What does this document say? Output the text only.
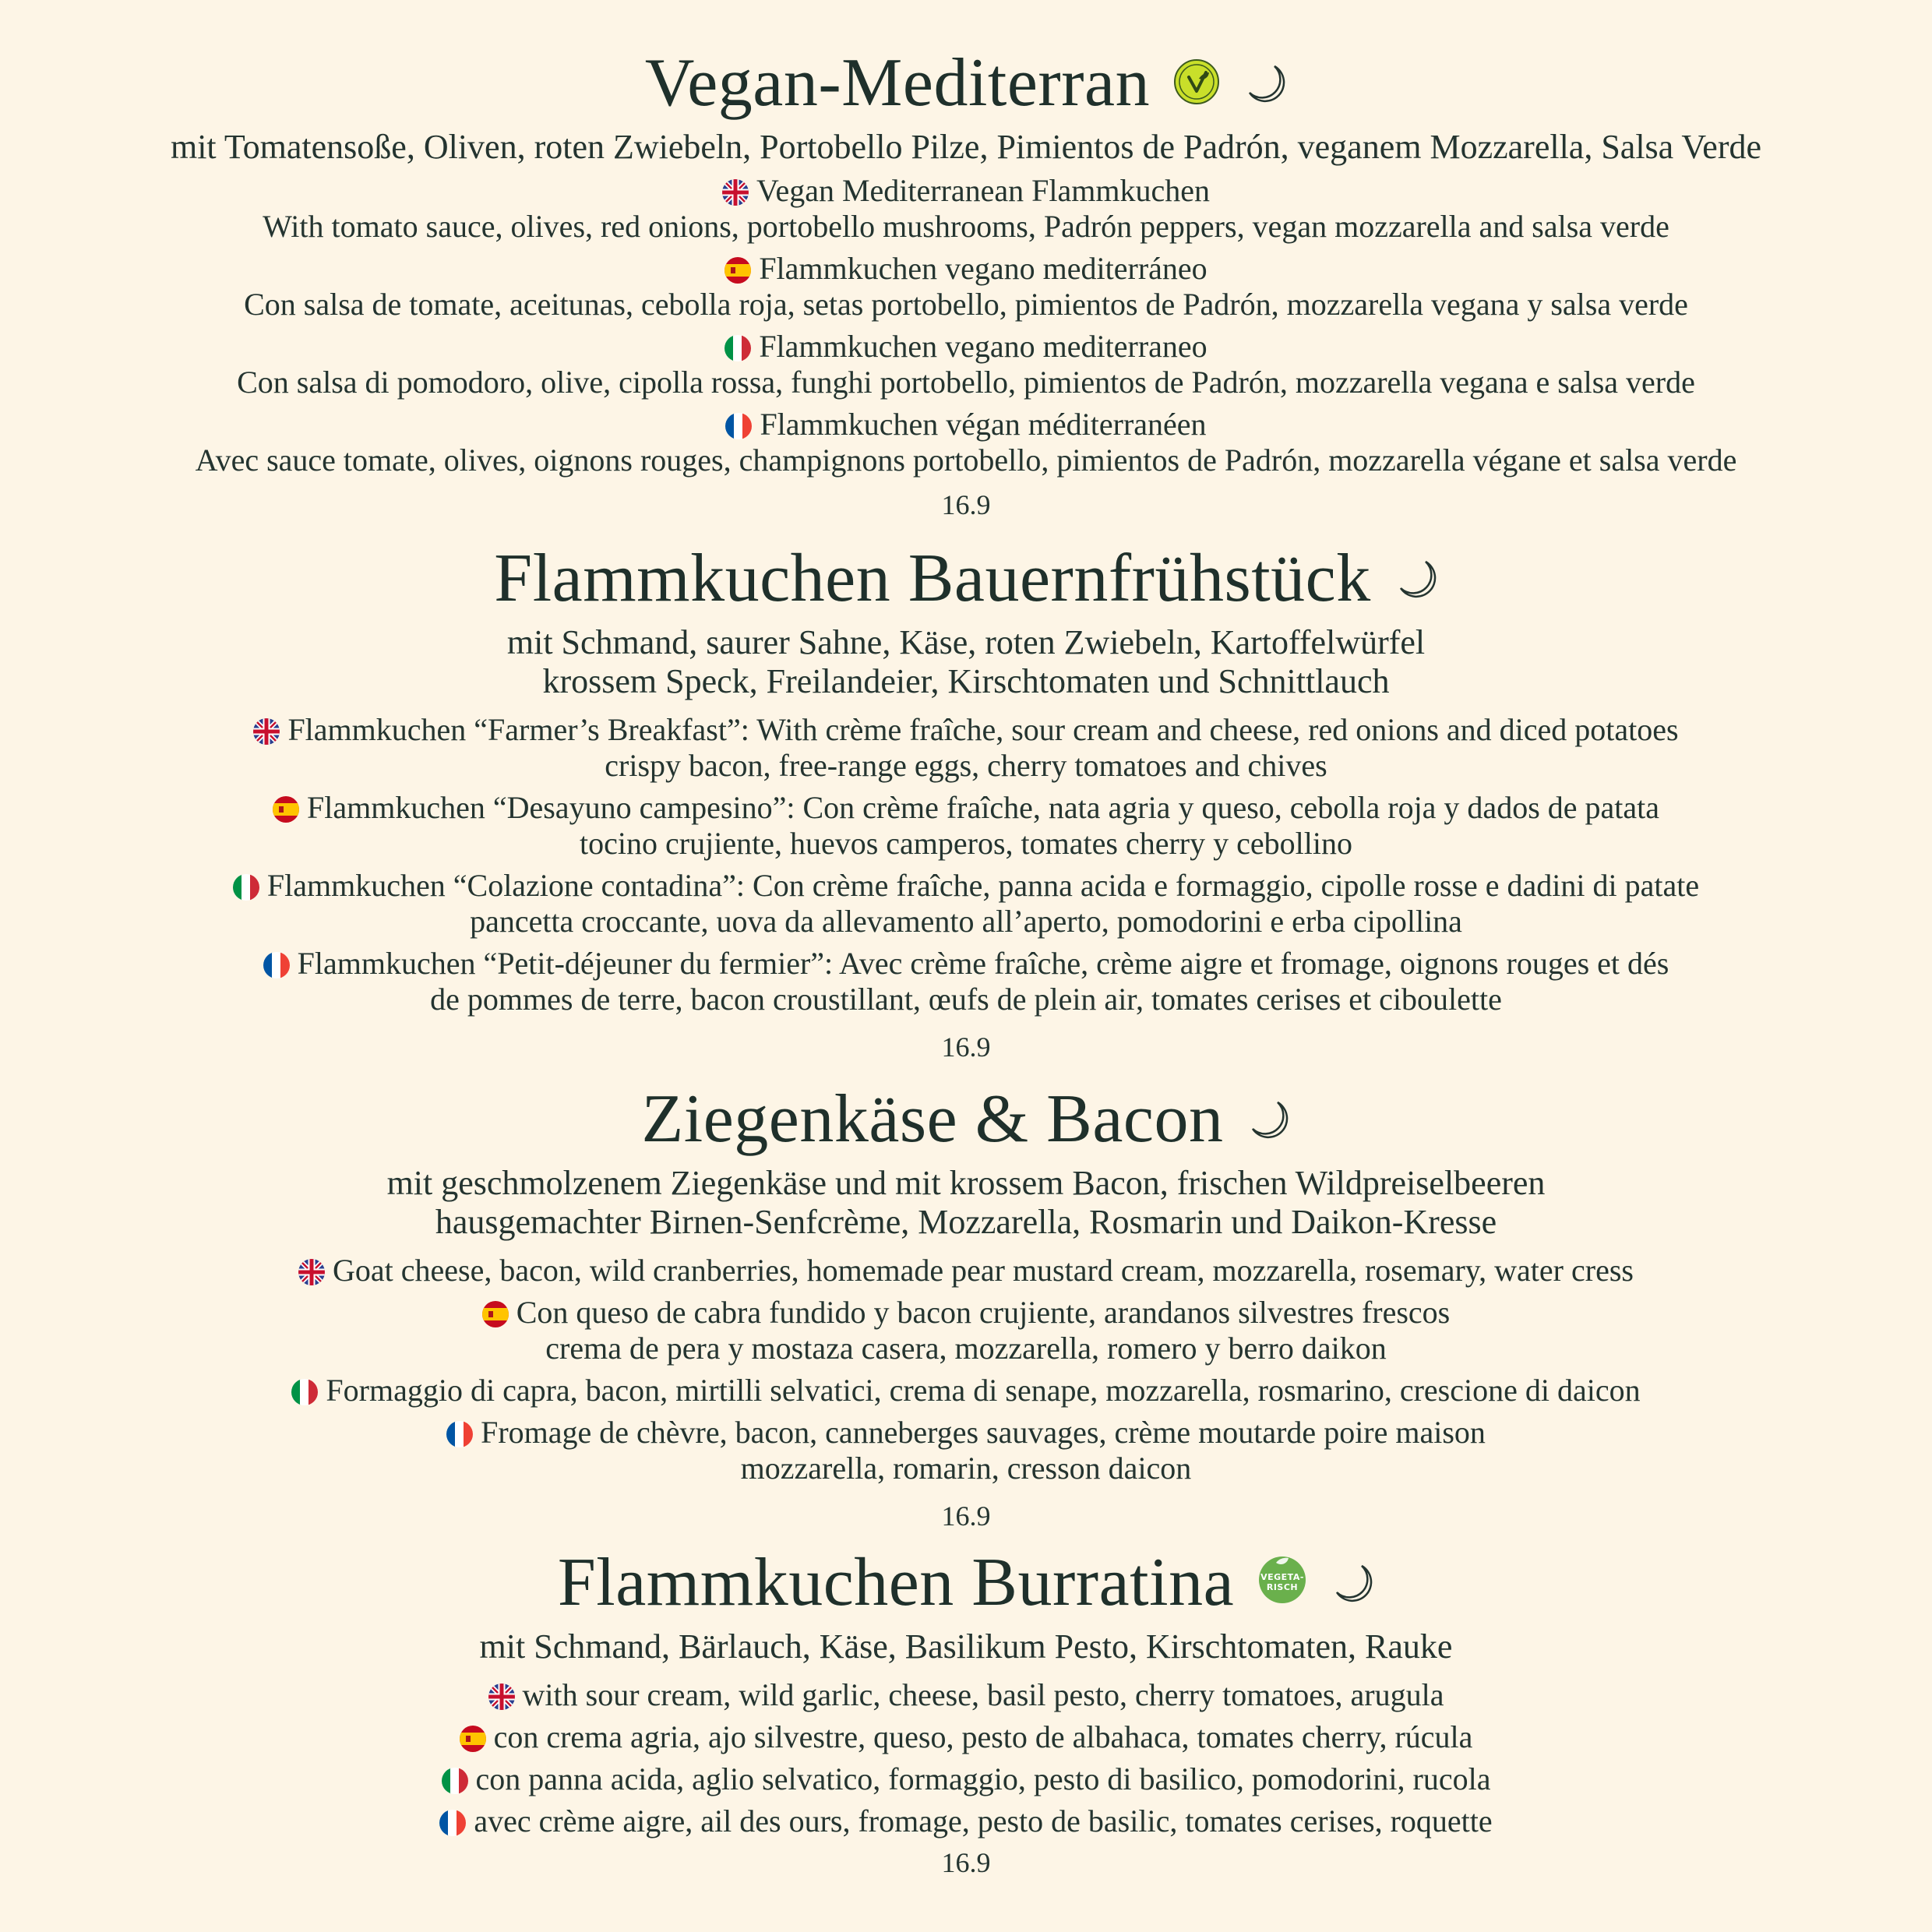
Vegan-Mediterran
mit Tomatensoße, Oliven, roten Zwiebeln, Portobello Pilze, Pimientos de Padrón, veganem Mozzarella, Salsa Verde
Vegan Mediterranean Flammkuchen
With tomato sauce, olives, red onions, portobello mushrooms, Padrón peppers, vegan mozzarella and salsa verde
Flammkuchen vegano mediterráneo
Con salsa de tomate, aceitunas, cebolla roja, setas portobello, pimientos de Padrón, mozzarella vegana y salsa verde
Flammkuchen vegano mediterraneo
Con salsa di pomodoro, olive, cipolla rossa, funghi portobello, pimientos de Padrón, mozzarella vegana e salsa verde
Flammkuchen végan méditerranéen
Avec sauce tomate, olives, oignons rouges, champignons portobello, pimientos de Padrón, mozzarella végane et salsa verde
16.9
Flammkuchen Bauernfrühstück
mit Schmand, saurer Sahne, Käse, roten Zwiebeln, Kartoffelwürfel
krossem Speck, Freilandeier, Kirschtomaten und Schnittlauch
Flammkuchen “Farmer’s Breakfast”: With crème fraîche, sour cream and cheese, red onions and diced potatoes
crispy bacon, free-range eggs, cherry tomatoes and chives
Flammkuchen “Desayuno campesino”: Con crème fraîche, nata agria y queso, cebolla roja y dados de patata
tocino crujiente, huevos camperos, tomates cherry y cebollino
Flammkuchen “Colazione contadina”: Con crème fraîche, panna acida e formaggio, cipolle rosse e dadini di patate
pancetta croccante, uova da allevamento all’aperto, pomodorini e erba cipollina
Flammkuchen “Petit-déjeuner du fermier”: Avec crème fraîche, crème aigre et fromage, oignons rouges et dés
de pommes de terre, bacon croustillant, œufs de plein air, tomates cerises et ciboulette
16.9
Ziegenkäse & Bacon
mit geschmolzenem Ziegenkäse und mit krossem Bacon, frischen Wildpreiselbeeren
hausgemachter Birnen-Senfcrème, Mozzarella, Rosmarin und Daikon-Kresse
Goat cheese, bacon, wild cranberries, homemade pear mustard cream, mozzarella, rosemary, water cress
Con queso de cabra fundido y bacon crujiente, arandanos silvestres frescos
crema de pera y mostaza casera, mozzarella, romero y berro daikon
Formaggio di capra, bacon, mirtilli selvatici, crema di senape, mozzarella, rosmarino, crescione di daicon
Fromage de chèvre, bacon, canneberges sauvages, crème moutarde poire maison
mozzarella, romarin, cresson daicon
16.9
Flammkuchen Burratina	VEGETA-
RISCH
mit Schmand, Bärlauch, Käse, Basilikum Pesto, Kirschtomaten, Rauke
with sour cream, wild garlic, cheese, basil pesto, cherry tomatoes, arugula
con crema agria, ajo silvestre, queso, pesto de albahaca, tomates cherry, rúcula
con panna acida, aglio selvatico, formaggio, pesto di basilico, pomodorini, rucola
avec crème aigre, ail des ours, fromage, pesto de basilic, tomates cerises, roquette
16.9
